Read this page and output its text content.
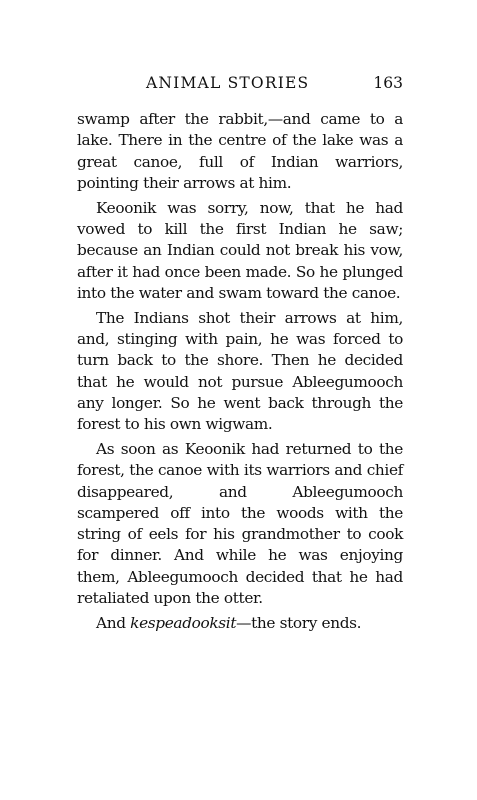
ANIMAL STORIES	163

swamp after the rabbit,—and came to a lake. There in the centre of the lake was a great canoe, full of Indian warriors, pointing their arrows at him.

Keoonik was sorry, now, that he had vowed to kill the first Indian he saw; because an Indian could not break his vow, after it had once been made. So he plunged into the water and swam toward the canoe.

The Indians shot their arrows at him, and, stinging with pain, he was forced to turn back to the shore. Then he decided that he would not pursue Ableegumooch any longer. So he went back through the forest to his own wigwam.

As soon as Keoonik had returned to the forest, the canoe with its warriors and chief disappeared, and Ableegumooch scampered off into the woods with the string of eels for his grandmother to cook for dinner. And while he was enjoying them, Ableegumooch decided that he had retaliated upon the otter.

And kespeadooksit—the story ends.
